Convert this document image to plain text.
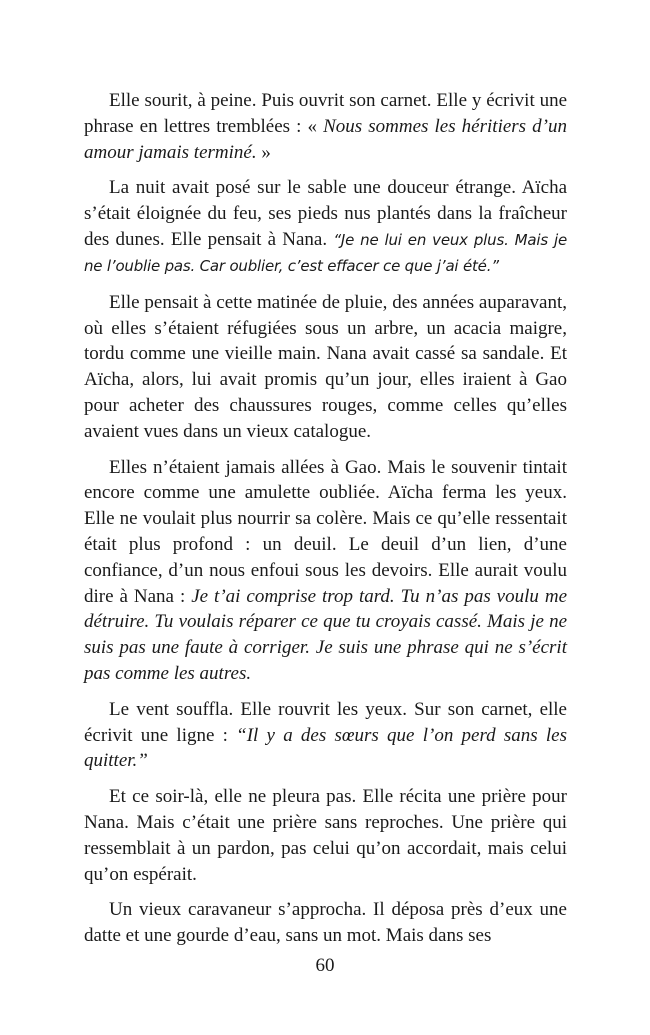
Elle sourit, à peine. Puis ouvrit son carnet. Elle y écrivit une phrase en lettres tremblées : « Nous sommes les héritiers d’un amour jamais terminé. »

La nuit avait posé sur le sable une douceur étrange. Aïcha s’était éloignée du feu, ses pieds nus plantés dans la fraîcheur des dunes. Elle pensait à Nana. “Je ne lui en veux plus. Mais je ne l’oublie pas. Car oublier, c’est effacer ce que j’ai été.”

Elle pensait à cette matinée de pluie, des années auparavant, où elles s’étaient réfugiées sous un arbre, un acacia maigre, tordu comme une vieille main. Nana avait cassé sa sandale. Et Aïcha, alors, lui avait promis qu’un jour, elles iraient à Gao pour acheter des chaussures rouges, comme celles qu’elles avaient vues dans un vieux catalogue.

Elles n’étaient jamais allées à Gao. Mais le souvenir tintait encore comme une amulette oubliée. Aïcha ferma les yeux. Elle ne voulait plus nourrir sa colère. Mais ce qu’elle ressentait était plus profond : un deuil. Le deuil d’un lien, d’une confiance, d’un nous enfoui sous les devoirs. Elle aurait voulu dire à Nana : Je t’ai comprise trop tard. Tu n’as pas voulu me détruire. Tu voulais réparer ce que tu croyais cassé. Mais je ne suis pas une faute à corriger. Je suis une phrase qui ne s’écrit pas comme les autres.

Le vent souffla. Elle rouvrit les yeux. Sur son carnet, elle écrivit une ligne : “Il y a des sœurs que l’on perd sans les quitter.”

Et ce soir-là, elle ne pleura pas. Elle récita une prière pour Nana. Mais c’était une prière sans reproches. Une prière qui ressemblait à un pardon, pas celui qu’on accordait, mais celui qu’on espérait.

Un vieux caravaneur s’approcha. Il déposa près d’eux une datte et une gourde d’eau, sans un mot. Mais dans ses

60
